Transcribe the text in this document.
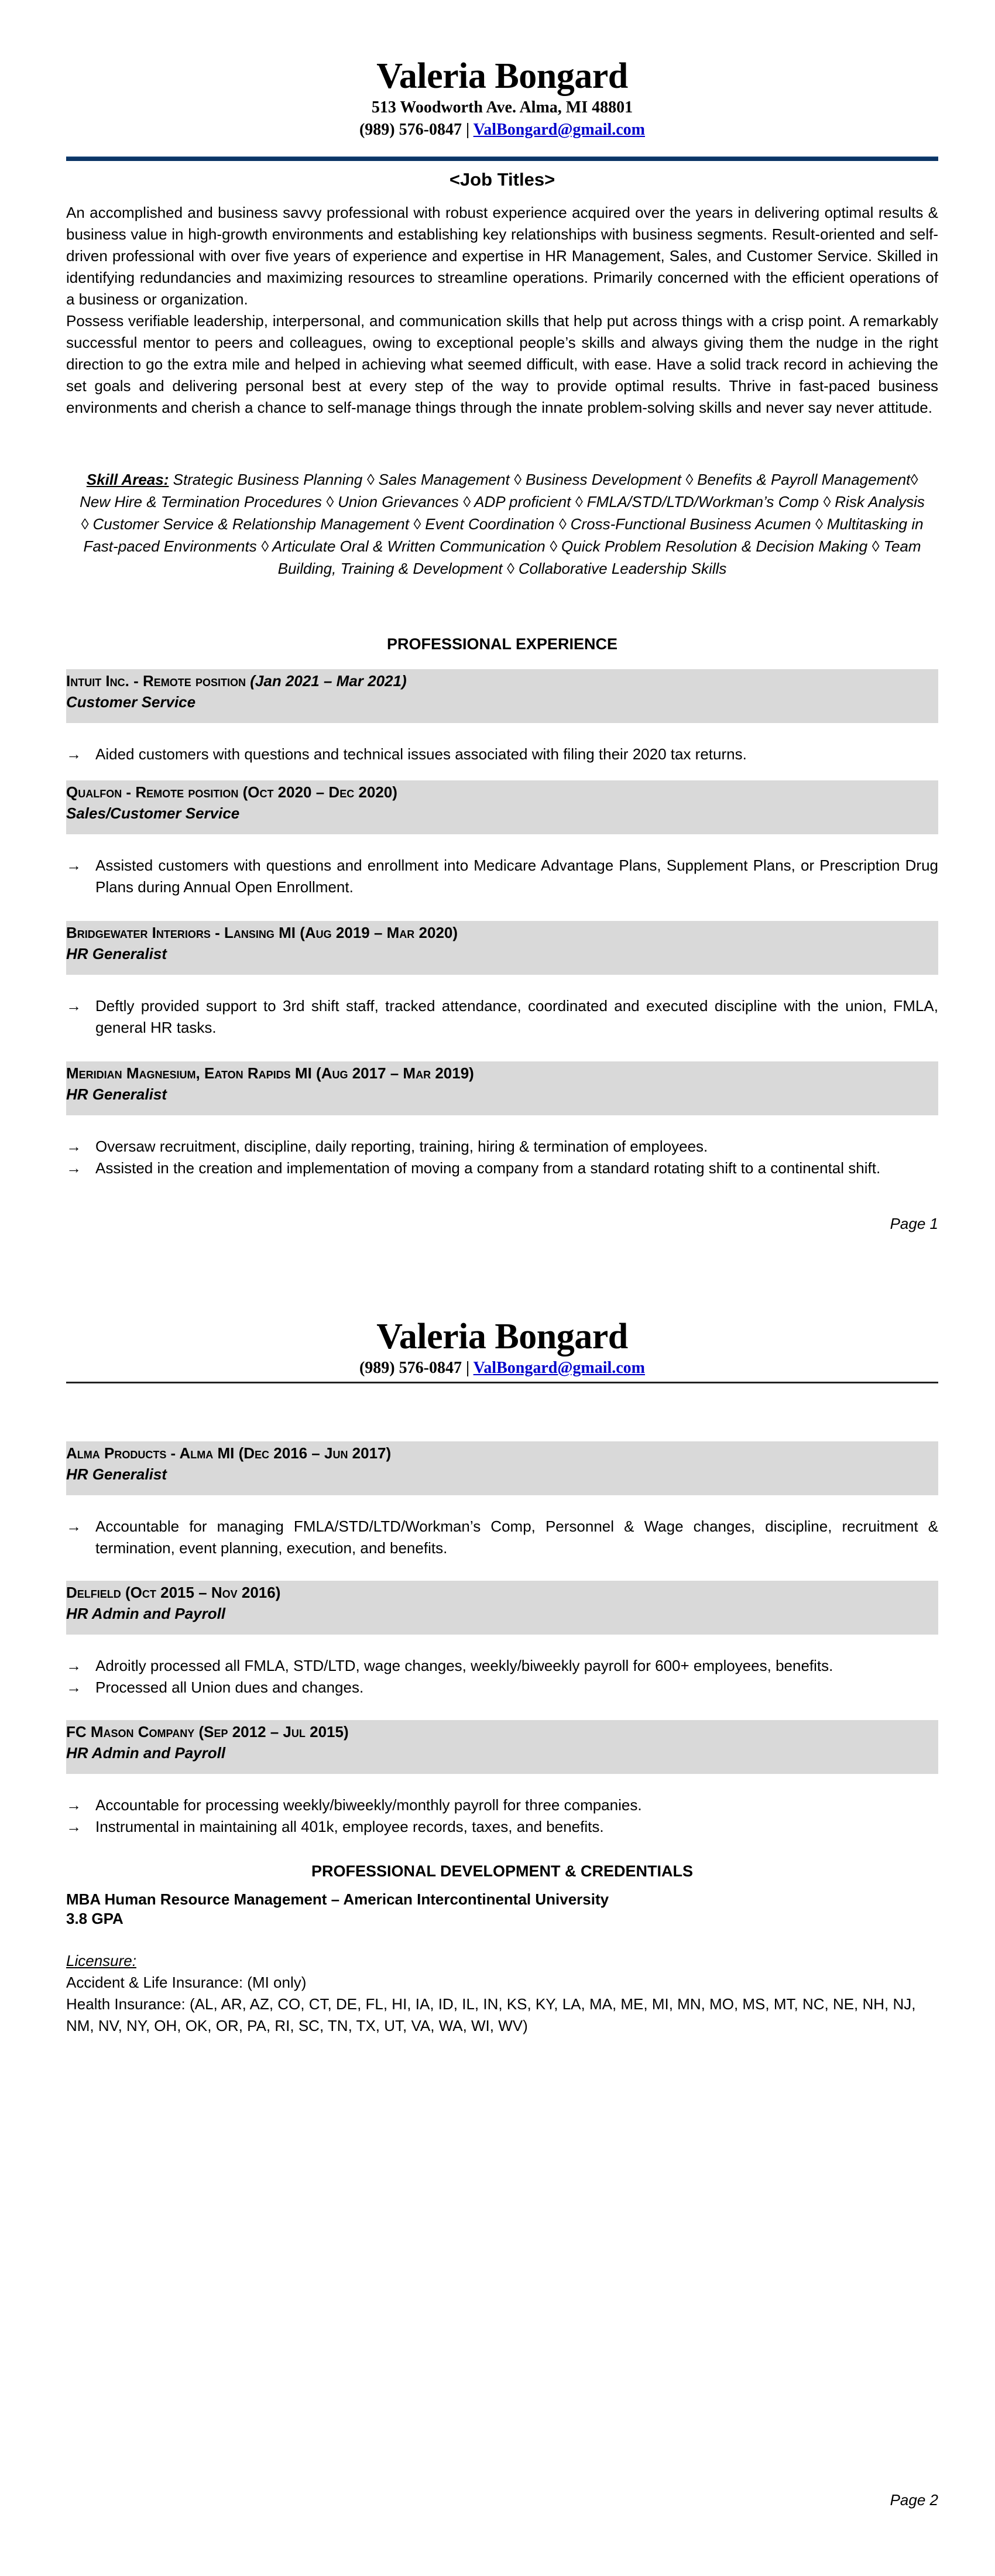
Valeria Bongard
513 Woodworth Ave. Alma, MI 48801
(989) 576-0847 | ValBongard@gmail.com
<Job Titles>

An accomplished and business savvy professional with robust experience acquired over the years in delivering optimal results & business value in high-growth environments and establishing key relationships with business segments. Result-oriented and self-driven professional with over five years of experience and expertise in HR Management, Sales, and Customer Service. Skilled in identifying redundancies and maximizing resources to streamline operations. Primarily concerned with the efficient operations of a business or organization.

Possess verifiable leadership, interpersonal, and communication skills that help put across things with a crisp point. A remarkably successful mentor to peers and colleagues, owing to exceptional people’s skills and always giving them the nudge in the right direction to go the extra mile and helped in achieving what seemed difficult, with ease. Have a solid track record in achieving the set goals and delivering personal best at every step of the way to provide optimal results. Thrive in fast-paced business environments and cherish a chance to self-manage things through the innate problem-solving skills and never say never attitude.

Skill Areas: Strategic Business Planning ◊ Sales Management ◊ Business Development ◊ Benefits & Payroll Management◊ New Hire & Termination Procedures ◊ Union Grievances ◊ ADP proficient ◊ FMLA/STD/LTD/Workman’s Comp ◊ Risk Analysis ◊ Customer Service & Relationship Management ◊ Event Coordination ◊ Cross-Functional Business Acumen ◊ Multitasking in Fast-paced Environments ◊ Articulate Oral & Written Communication ◊ Quick Problem Resolution & Decision Making ◊ Team Building, Training & Development ◊ Collaborative Leadership Skills
PROFESSIONAL EXPERIENCE
Intuit Inc. - Remote position (Jan 2021 – Mar 2021)
Customer Service
→ Aided customers with questions and technical issues associated with filing their 2020 tax returns.
Qualfon - Remote position (Oct 2020 – Dec 2020)
Sales/Customer Service
→ Assisted customers with questions and enrollment into Medicare Advantage Plans, Supplement Plans, or Prescription Drug Plans during Annual Open Enrollment.
Bridgewater Interiors - Lansing MI (Aug 2019 – Mar 2020)
HR Generalist
→ Deftly provided support to 3rd shift staff, tracked attendance, coordinated and executed discipline with the union, FMLA, general HR tasks.
Meridian Magnesium, Eaton Rapids MI (Aug 2017 – Mar 2019)
HR Generalist
→ Oversaw recruitment, discipline, daily reporting, training, hiring & termination of employees.
→ Assisted in the creation and implementation of moving a company from a standard rotating shift to a continental shift.
Page 1
Valeria Bongard
(989) 576-0847 | ValBongard@gmail.com
Alma Products - Alma MI (Dec 2016 – Jun 2017)
HR Generalist
→ Accountable for managing FMLA/STD/LTD/Workman’s Comp, Personnel & Wage changes, discipline, recruitment & termination, event planning, execution, and benefits.
Delfield (Oct 2015 – Nov 2016)
HR Admin and Payroll
→ Adroitly processed all FMLA, STD/LTD, wage changes, weekly/biweekly payroll for 600+ employees, benefits.
→ Processed all Union dues and changes.
FC Mason Company (Sep 2012 – Jul 2015)
HR Admin and Payroll
→ Accountable for processing weekly/biweekly/monthly payroll for three companies.
→ Instrumental in maintaining all 401k, employee records, taxes, and benefits.
PROFESSIONAL DEVELOPMENT & CREDENTIALS
MBA Human Resource Management – American Intercontinental University
3.8 GPA
Licensure:
Accident & Life Insurance: (MI only)
Health Insurance: (AL, AR, AZ, CO, CT, DE, FL, HI, IA, ID, IL, IN, KS, KY, LA, MA, ME, MI, MN, MO, MS, MT, NC, NE, NH, NJ, NM, NV, NY, OH, OK, OR, PA, RI, SC, TN, TX, UT, VA, WA, WI, WV)
Page 2
